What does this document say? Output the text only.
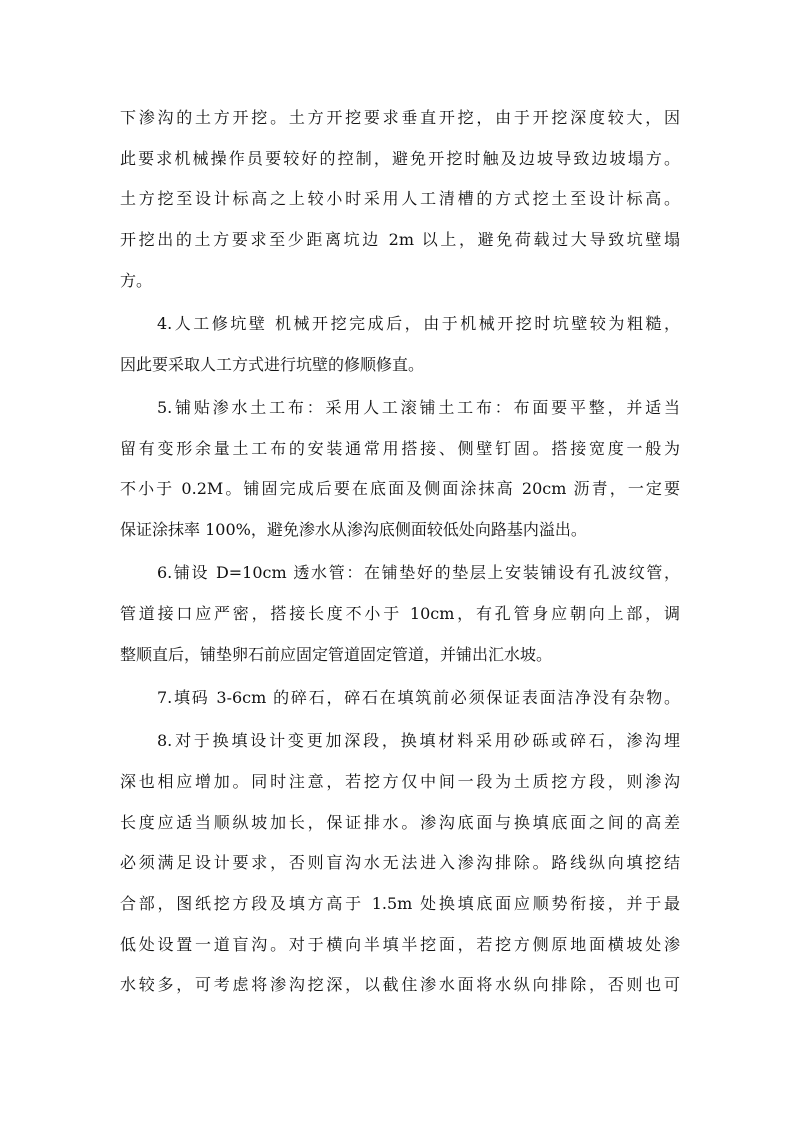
下渗沟的土方开挖。土方开挖要求垂直开挖，由于开挖深度较大，因
此要求机械操作员要较好的控制，避免开挖时触及边坡导致边坡塌方。
土方挖至设计标高之上较小时采用人工清槽的方式挖土至设计标高。
开挖出的土方要求至少距离坑边 2m 以上，避免荷载过大导致坑壁塌
方。
4.人工修坑壁 机械开挖完成后，由于机械开挖时坑壁较为粗糙，
因此要采取人工方式进行坑壁的修顺修直。
5.铺贴渗水土工布：采用人工滚铺土工布：布面要平整，并适当
留有变形余量土工布的安装通常用搭接、侧壁钉固。搭接宽度一般为
不小于 0.2M。铺固完成后要在底面及侧面涂抹高 20cm 沥青，一定要
保证涂抹率 100%，避免渗水从渗沟底侧面较低处向路基内溢出。
6.铺设 D=10cm 透水管：在铺垫好的垫层上安装铺设有孔波纹管，
管道接口应严密，搭接长度不小于 10cm，有孔管身应朝向上部，调
整顺直后，铺垫卵石前应固定管道固定管道，并铺出汇水坡。
7.填码 3-6cm 的碎石，碎石在填筑前必须保证表面洁净没有杂物。
8.对于换填设计变更加深段，换填材料采用砂砾或碎石，渗沟埋
深也相应增加。同时注意，若挖方仅中间一段为土质挖方段，则渗沟
长度应适当顺纵坡加长，保证排水。渗沟底面与换填底面之间的高差
必须满足设计要求，否则盲沟水无法进入渗沟排除。路线纵向填挖结
合部，图纸挖方段及填方高于 1.5m 处换填底面应顺势衔接，并于最
低处设置一道盲沟。对于横向半填半挖面，若挖方侧原地面横坡处渗
水较多，可考虑将渗沟挖深，以截住渗水面将水纵向排除，否则也可
